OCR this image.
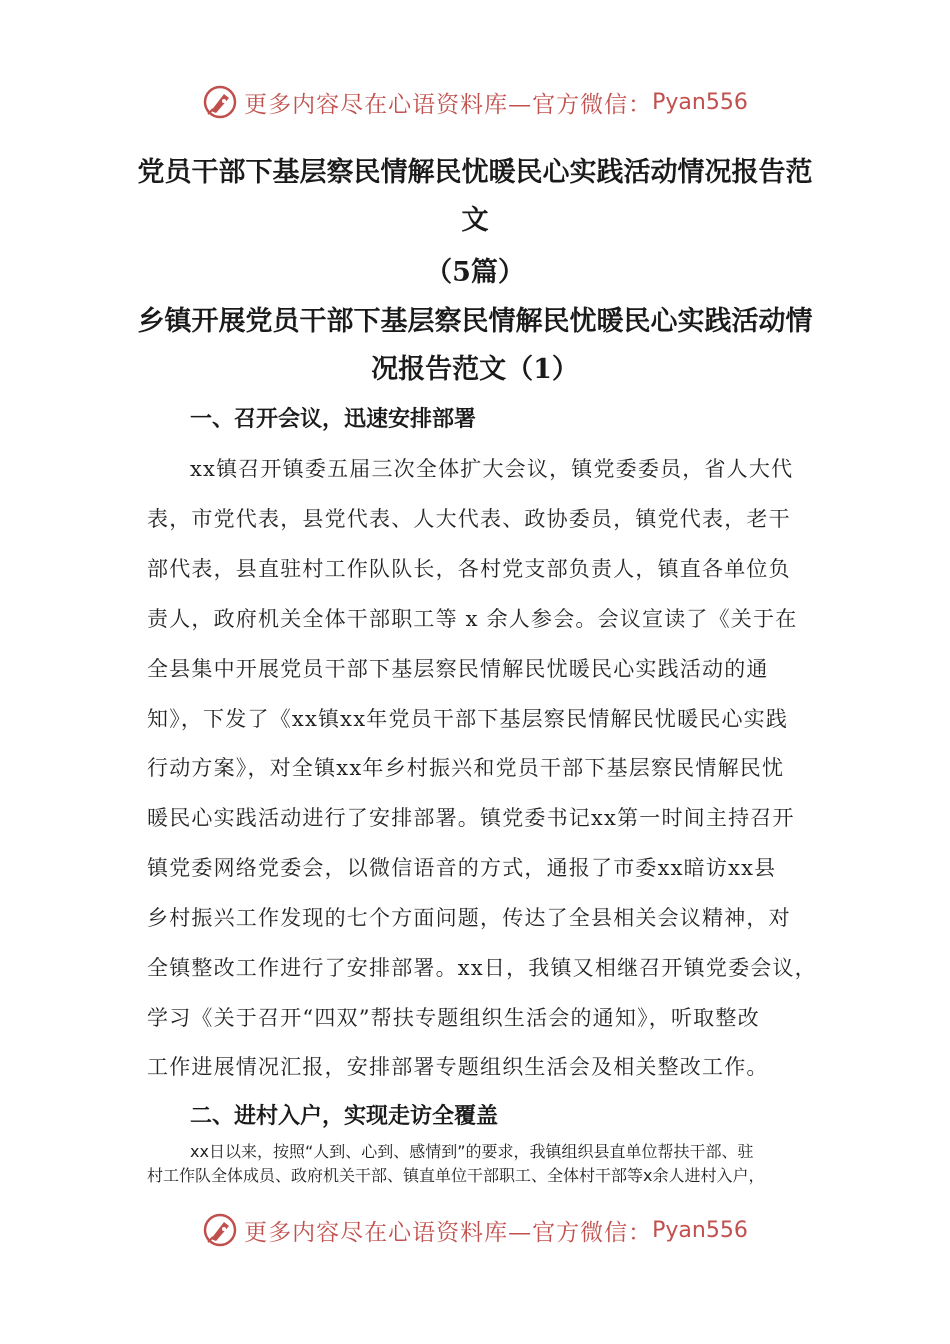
更多内容尽在心语资料库—官方微信： Pyan556
党员干部下基层察民情解民忧暖民心实践活动情况报告范
文
（5篇）
乡镇开展党员干部下基层察民情解民忧暖民心实践活动情
况报告范文（1）
一、召开会议，迅速安排部署
xx镇召开镇委五届三次全体扩大会议，镇党委委员，省人大代
表，市党代表，县党代表、人大代表、政协委员，镇党代表，老干
部代表，县直驻村工作队队长，各村党支部负责人，镇直各单位负
责人，政府机关全体干部职工等 x 余人参会。会议宣读了《关于在
全县集中开展党员干部下基层察民情解民忧暖民心实践活动的通
知》，下发了《xx镇xx年党员干部下基层察民情解民忧暖民心实践
行动方案》，对全镇xx年乡村振兴和党员干部下基层察民情解民忧
暖民心实践活动进行了安排部署。镇党委书记xx第一时间主持召开
镇党委网络党委会，以微信语音的方式，通报了市委xx暗访xx县
乡村振兴工作发现的七个方面问题，传达了全县相关会议精神，对
全镇整改工作进行了安排部署。xx日，我镇又相继召开镇党委会议，
学习《关于召开“四双”帮扶专题组织生活会的通知》，听取整改
工作进展情况汇报，安排部署专题组织生活会及相关整改工作。
二、进村入户，实现走访全覆盖
xx日以来，按照“人到、心到、感情到”的要求，我镇组织县直单位帮扶干部、驻
村工作队全体成员、政府机关干部、镇直单位干部职工、全体村干部等x余人进村入户，
更多内容尽在心语资料库—官方微信： Pyan556
